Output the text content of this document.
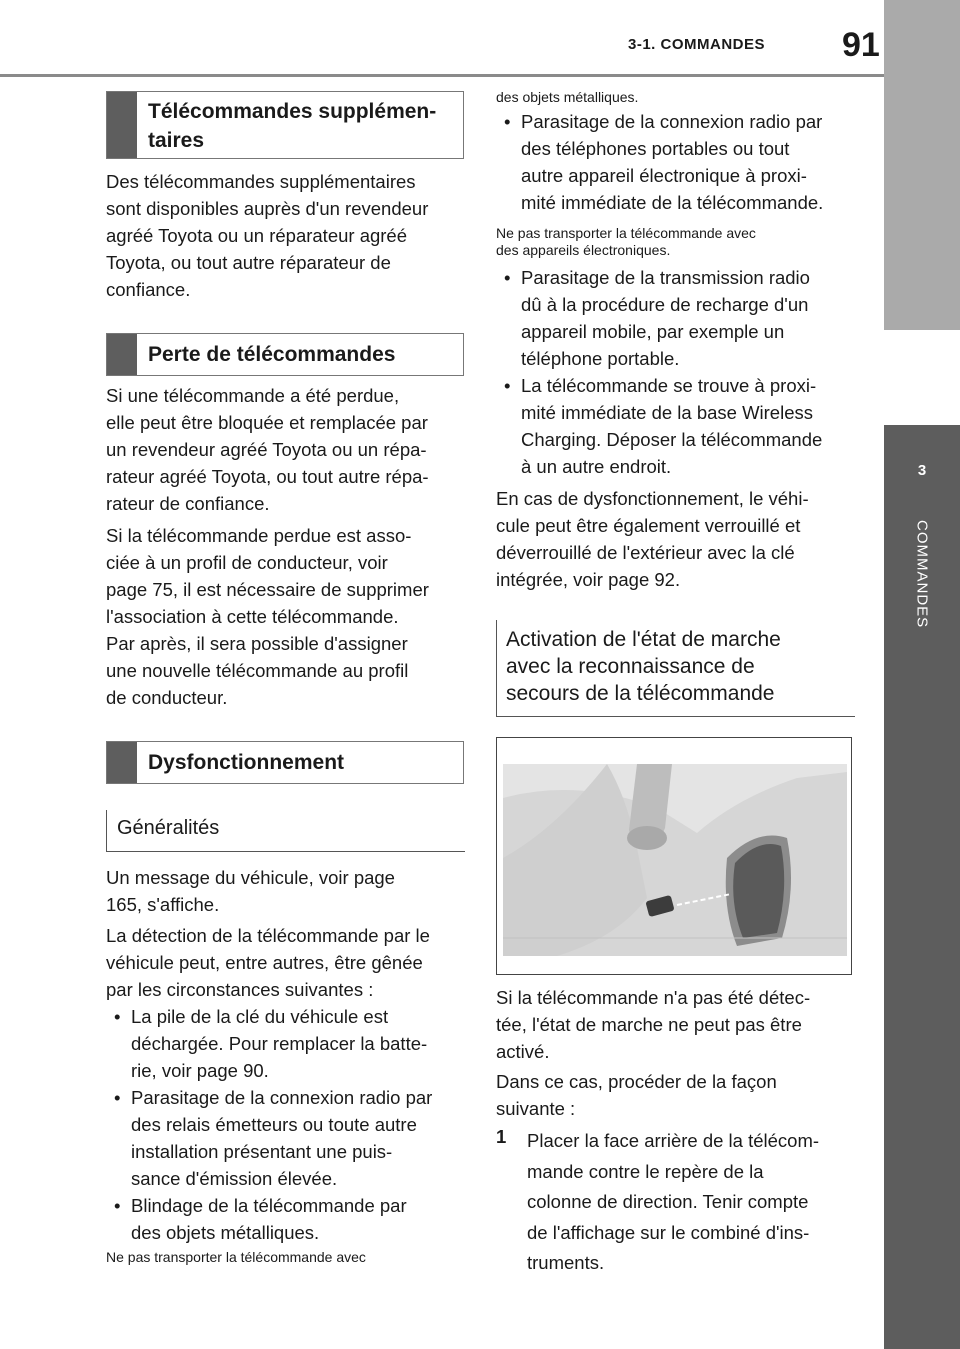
3-1. COMMANDES 91
3
COMMANDES
Télécommandes supplémen-
taires
Des télécommandes supplémentaires
sont disponibles auprès d'un revendeur
agréé Toyota ou un réparateur agréé
Toyota, ou tout autre réparateur de
confiance.
Perte de télécommandes
Si une télécommande a été perdue,
elle peut être bloquée et remplacée par
un revendeur agréé Toyota ou un répa-
rateur agréé Toyota, ou tout autre répa-
rateur de confiance.
Si la télécommande perdue est asso-
ciée à un profil de conducteur, voir
page 75, il est nécessaire de supprimer
l'association à cette télécommande.
Par après, il sera possible d'assigner
une nouvelle télécommande au profil
de conducteur.
Dysfonctionnement
Généralités
Un message du véhicule, voir page
165, s'affiche.
La détection de la télécommande par le
véhicule peut, entre autres, être gênée
par les circonstances suivantes :
• La pile de la clé du véhicule est
déchargée. Pour remplacer la batte-
rie, voir page 90.
• Parasitage de la connexion radio par
des relais émetteurs ou toute autre
installation présentant une puis-
sance d'émission élevée.
• Blindage de la télécommande par
des objets métalliques.
Ne pas transporter la télécommande avec
des objets métalliques.
• Parasitage de la connexion radio par
des téléphones portables ou tout
autre appareil électronique à proxi-
mité immédiate de la télécommande.
Ne pas transporter la télécommande avec
des appareils électroniques.
• Parasitage de la transmission radio
dû à la procédure de recharge d'un
appareil mobile, par exemple un
téléphone portable.
• La télécommande se trouve à proxi-
mité immédiate de la base Wireless
Charging. Déposer la télécommande
à un autre endroit.
En cas de dysfonctionnement, le véhi-
cule peut être également verrouillé et
déverrouillé de l'extérieur avec la clé
intégrée, voir page 92.
Activation de l'état de marche
avec la reconnaissance de
secours de la télécommande
Si la télécommande n'a pas été détec-
tée, l'état de marche ne peut pas être
activé.
Dans ce cas, procéder de la façon
suivante :
1 Placer la face arrière de la télécom-
mande contre le repère de la
colonne de direction. Tenir compte
de l'affichage sur le combiné d'ins-
truments.
